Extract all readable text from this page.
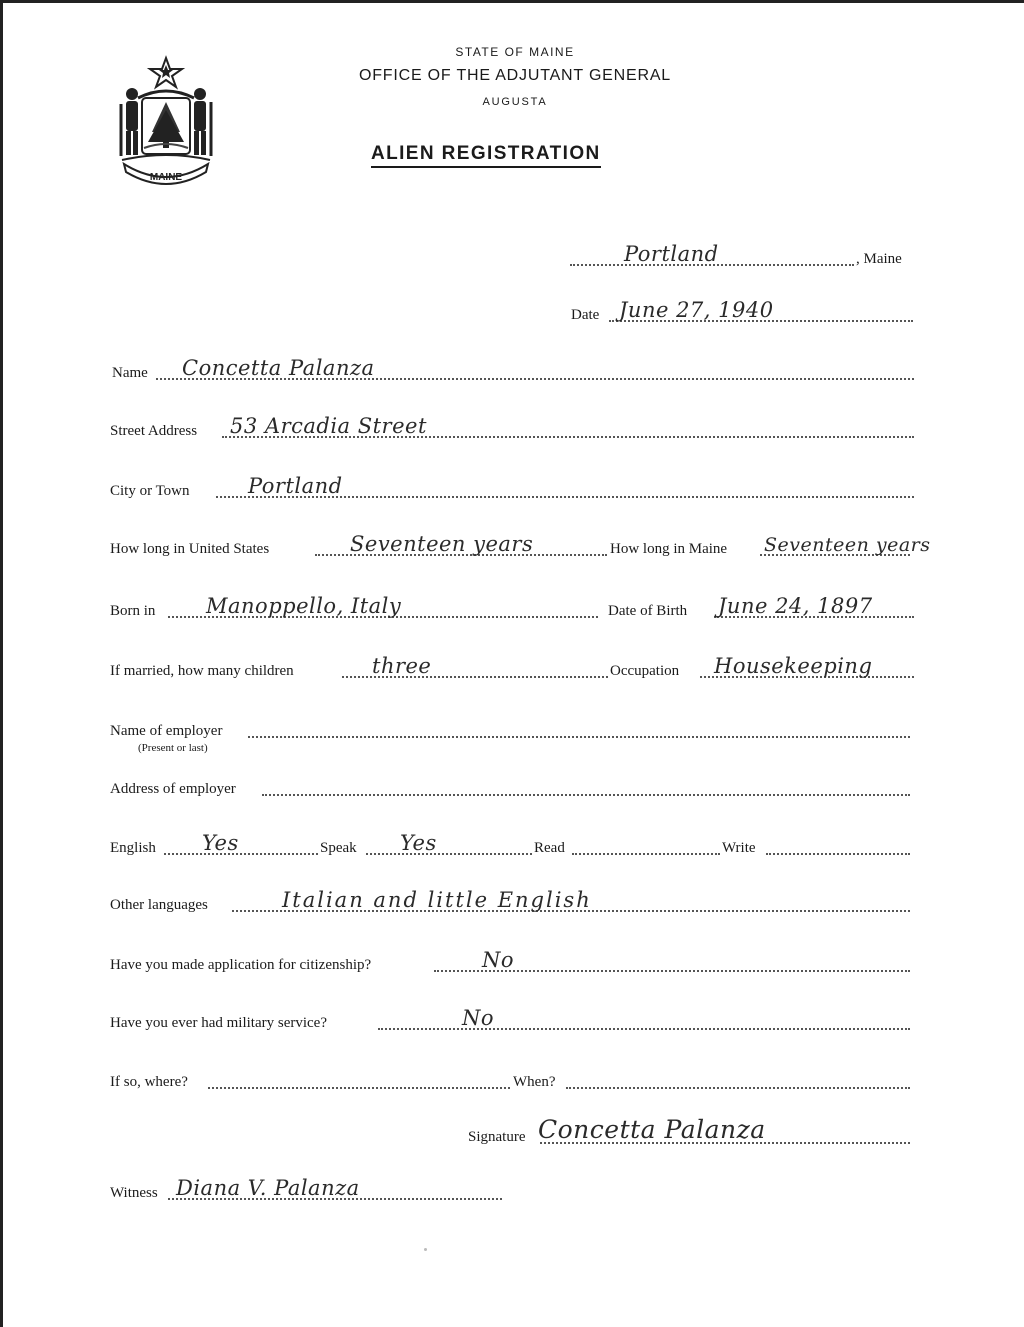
MAINE
STATE OF MAINE
OFFICE OF THE ADJUTANT GENERAL
AUGUSTA
ALIEN REGISTRATION
Portland	, Maine
Date June 27, 1940
Name Concetta Palanza
Street Address 53 Arcadia Street
City or Town	Portland
How long in United States	Seventeen years	How long in Maine Seventeen years
Born in Manoppello, Italy	Date of Birth June 24, 1897
If married, how many children	three	Occupation Housekeeping
Name of employer
(Present or last)
Address of employer
English Yes	Speak Yes	Read	Write
Other languages	Italian and little English
Have you made application for citizenship?	No
Have you ever had military service?	No
If so, where?	When?
Signature Concetta Palanza
Witness Diana V. Palanza
